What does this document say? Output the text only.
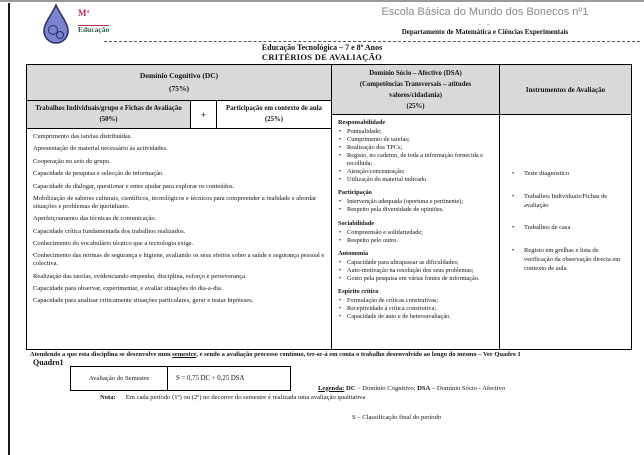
Mª
Educação
Escola Básica do Mundo dos Bonecos nº1
– –
Departamento de Matemática e Ciências Experimentais
Educação Tecnológica – 7 e 8º Anos
CRITÉRIOS DE AVALIAÇÃO
Domínio Cognitivo (DC)
(75%)
Domínio Sócio – Afectivo (DSA)
(Competências Transversais – atitudes
valores/cidadania)
(25%)
Instrumentos de Avaliação
Trabalhos Individuais/grupo e Fichas de Avaliação
(50%)	+
Participação em contexto de aula
(25%)
Cumprimento das tarefas distribuídas.
Apresentação do material necessário às actividades.
Cooperação no seio do grupo.
Capacidade de pesquisa e selecção de informação.
Capacidade de dialogar, questionar e entre ajudar para explorar os conteúdos.
Mobilização de saberes culturais, científicos, tecnológicos e técnicos para compreender a realidade e abordar situações e problemas do quotidiano.
Aperfeiçoamento das técnicas de comunicação.
Capacidade crítica fundamentada dos trabalhos realizados.
Conhecimento do vocabulário técnico que a tecnologia exige.
Conhecimento das normas de segurança e higiene, avaliando os seus efeitos sobre a saúde e segurança pessoal e colectiva.
Realização das tarefas, evidenciando empenho, disciplina, esforço e perseverança.
Capacidade para observar, experimentar, e avaliar situações do dia-a-dia.
Capacidade para analisar criticamente situações particulares, gerar e testar hipóteses.
Responsabilidade
• Pontualidade;
• Cumprimento de tarefas;
• Realização dos TPCs;
• Registo, no caderno, de toda a informação fornecida e recolhida;
• Atenção/concentração;
• Utilização do material indicado.
Participação
• Intervenção adequada (oportuna e pertinente);
• Respeito pela diversidade de opiniões.
Sociabilidade
• Compreensão e solidariedade;
• Respeito pelo outro.
Autonomia
• Capacidade para ultrapassar as dificuldades;
• Auto-motivação na resolução dos seus problemas;
• Gosto pela pesquisa em várias fontes de informação.
Espírito crítico
• Formulação de críticas construtivas;
• Receptividade à crítica construtiva;
• Capacidade de auto e de heteroavaliação.
• Teste diagnóstico
• Trabalhos Individuais/Fichas de avaliação
• Trabalhos de casa
• Registo em grelhas e lista de verificação da observação directa em contexto de aula
Atendendo a que esta disciplina se desenvolve num semestre, e sendo a avaliação processo contínuo, ter-se-á em conta o trabalho desenvolvido ao longo do mesmo – Ver Quadro 1
Quadro1
Avaliação do Semestre	S = 0,75 DC + 0,25 DSA

Legenda: DC – Domínio Cognitivo; DSA – Domínio Sócio - Afectivo

S – Classificação final do período

Nota: Em cada período (1º) ou (2º) no decorrer do semestre é realizada uma avaliação qualitativa
